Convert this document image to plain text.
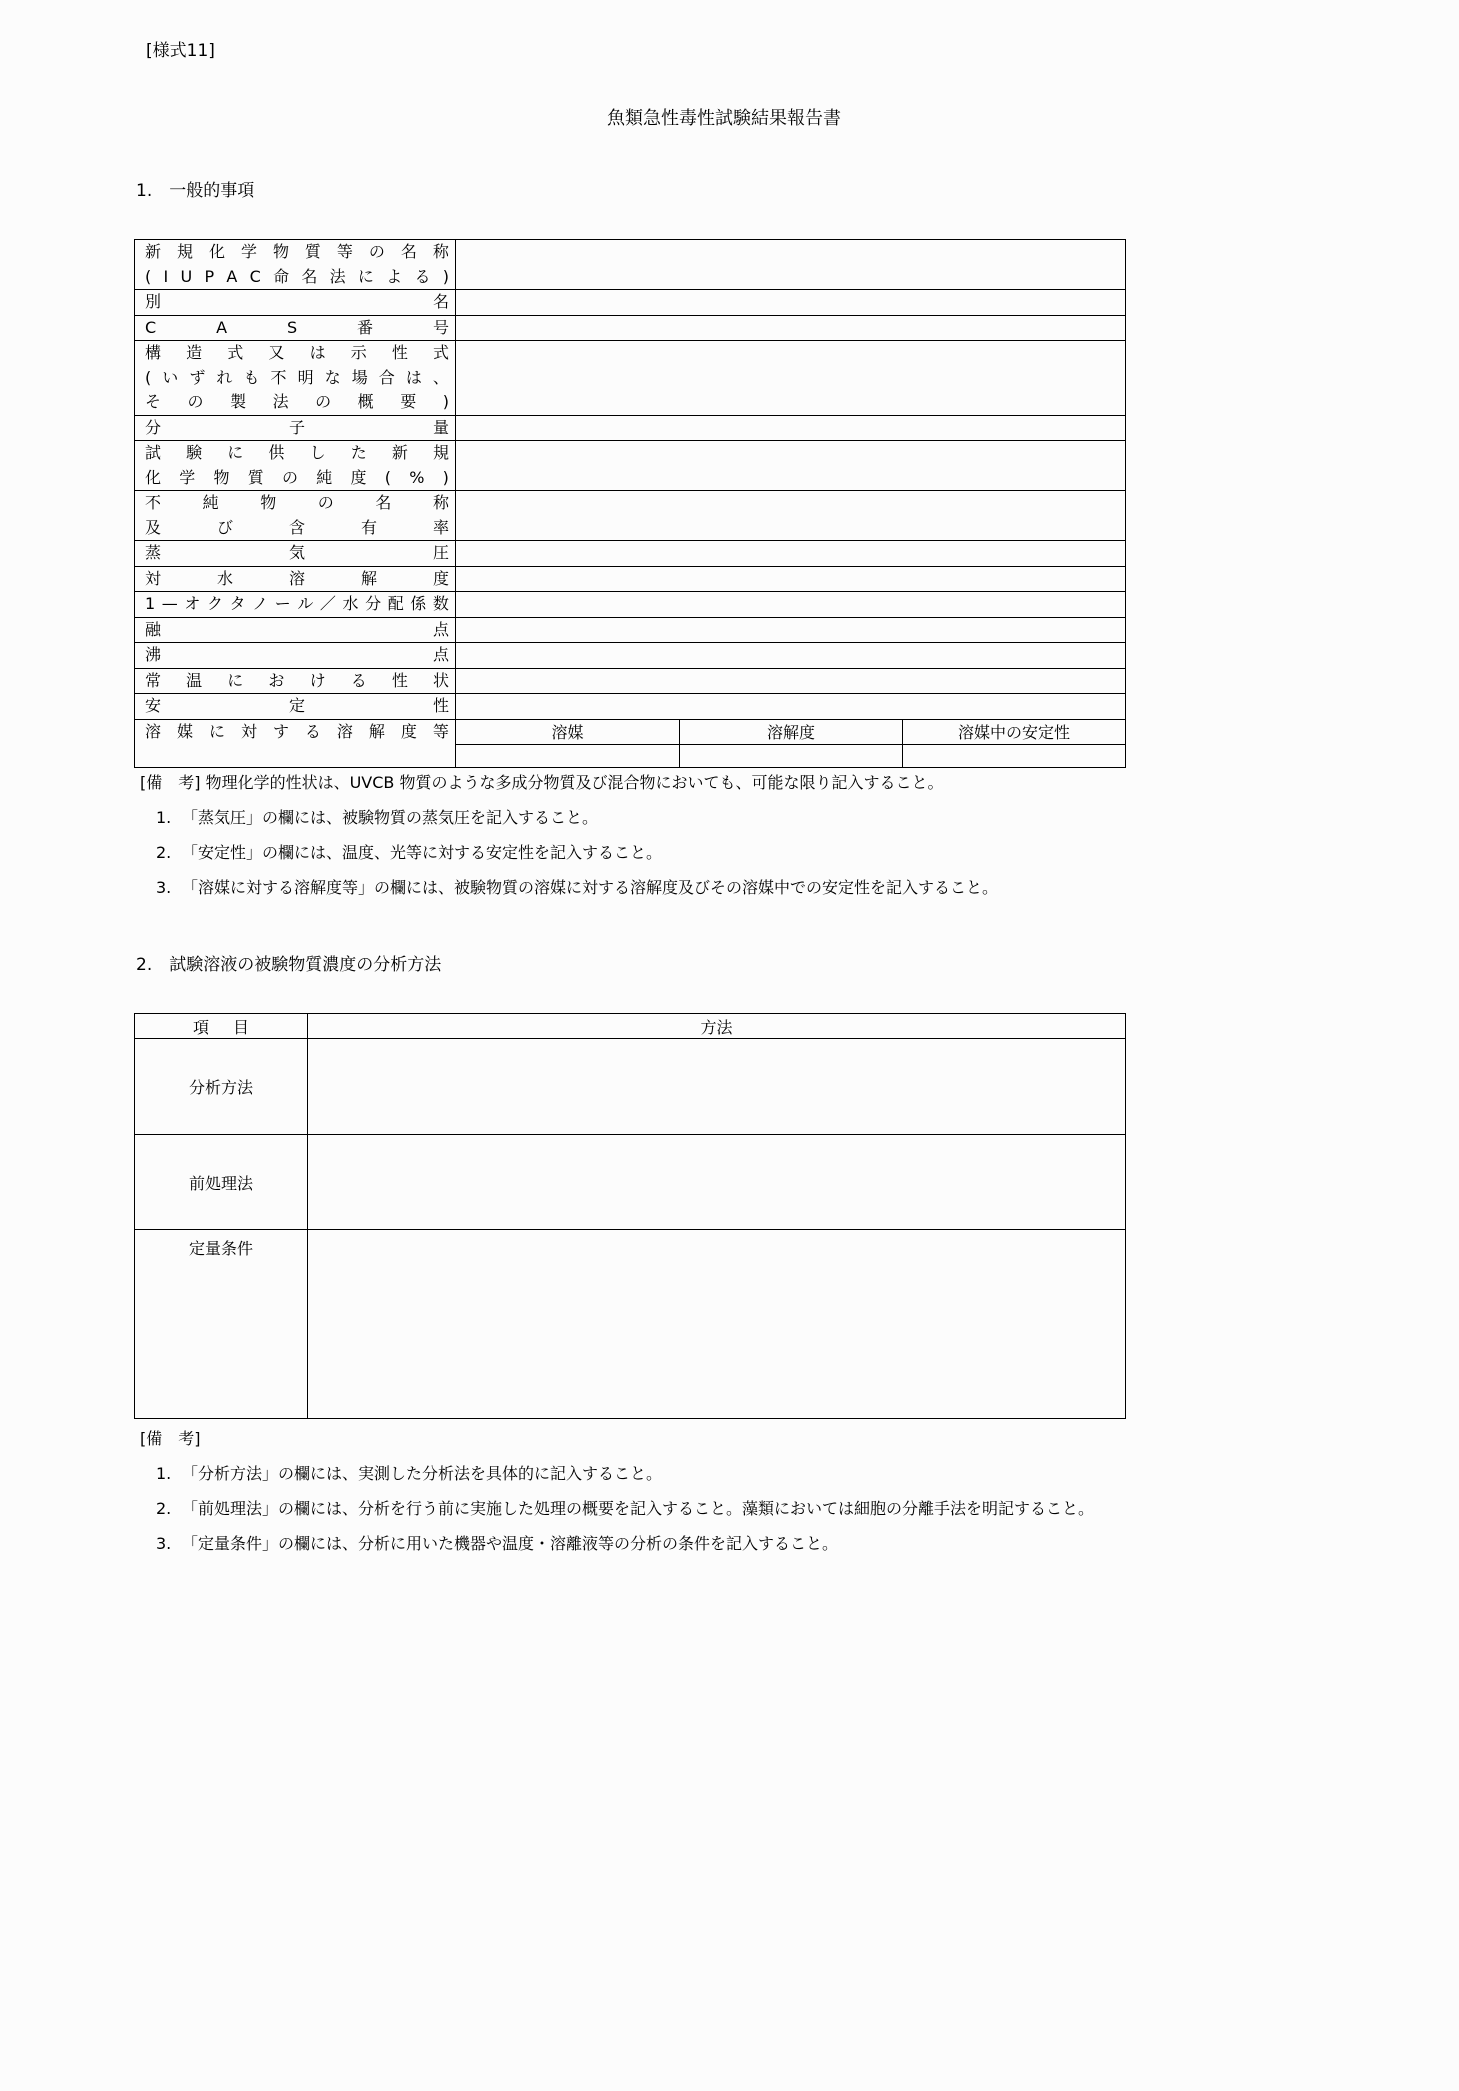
[様式11]
魚類急性毒性試験結果報告書
1.　一般的事項
新 規 化 学 物 質 等 の 名 称
( I U P A C 命 名 法 に よ る )

別 名			

C A S 番 号			

構 造 式 又 は 示 性 式
( い ず れ も 不 明 な 場 合 は 、
そ の 製 法 の 概 要 )

分 子 量			

試 験 に 供 し た 新 規
化 学 物 質 の 純 度 ( % )

不	純	物	の	名	称
及	び	含	有	率

蒸 気 圧			

対 水 溶 解 度			

1 — オ ク タ ノ ー ル ／ 水 分 配 係 数

融 点			

沸 点			

常 温 に お け る 性 状

安 定 性			

溶 媒 に 対 す る 溶 解 度 等	溶媒	溶解度	溶媒中の安定性

[備　考] 物理化学的性状は、UVCB 物質のような多成分物質及び混合物においても、可能な限り記入すること。
1. 「蒸気圧」の欄には、被験物質の蒸気圧を記入すること。
2. 「安定性」の欄には、温度、光等に対する安定性を記入すること。
3. 「溶媒に対する溶解度等」の欄には、被験物質の溶媒に対する溶解度及びその溶媒中での安定性を記入すること。
2.　試験溶液の被験物質濃度の分析方法
項 目	方法
分析方法	
前処理法	
定量条件	
[備　考]
1. 「分析方法」の欄には、実測した分析法を具体的に記入すること。
2. 「前処理法」の欄には、分析を行う前に実施した処理の概要を記入すること。藻類においては細胞の分離手法を明記すること。
3. 「定量条件」の欄には、分析に用いた機器や温度・溶離液等の分析の条件を記入すること。
